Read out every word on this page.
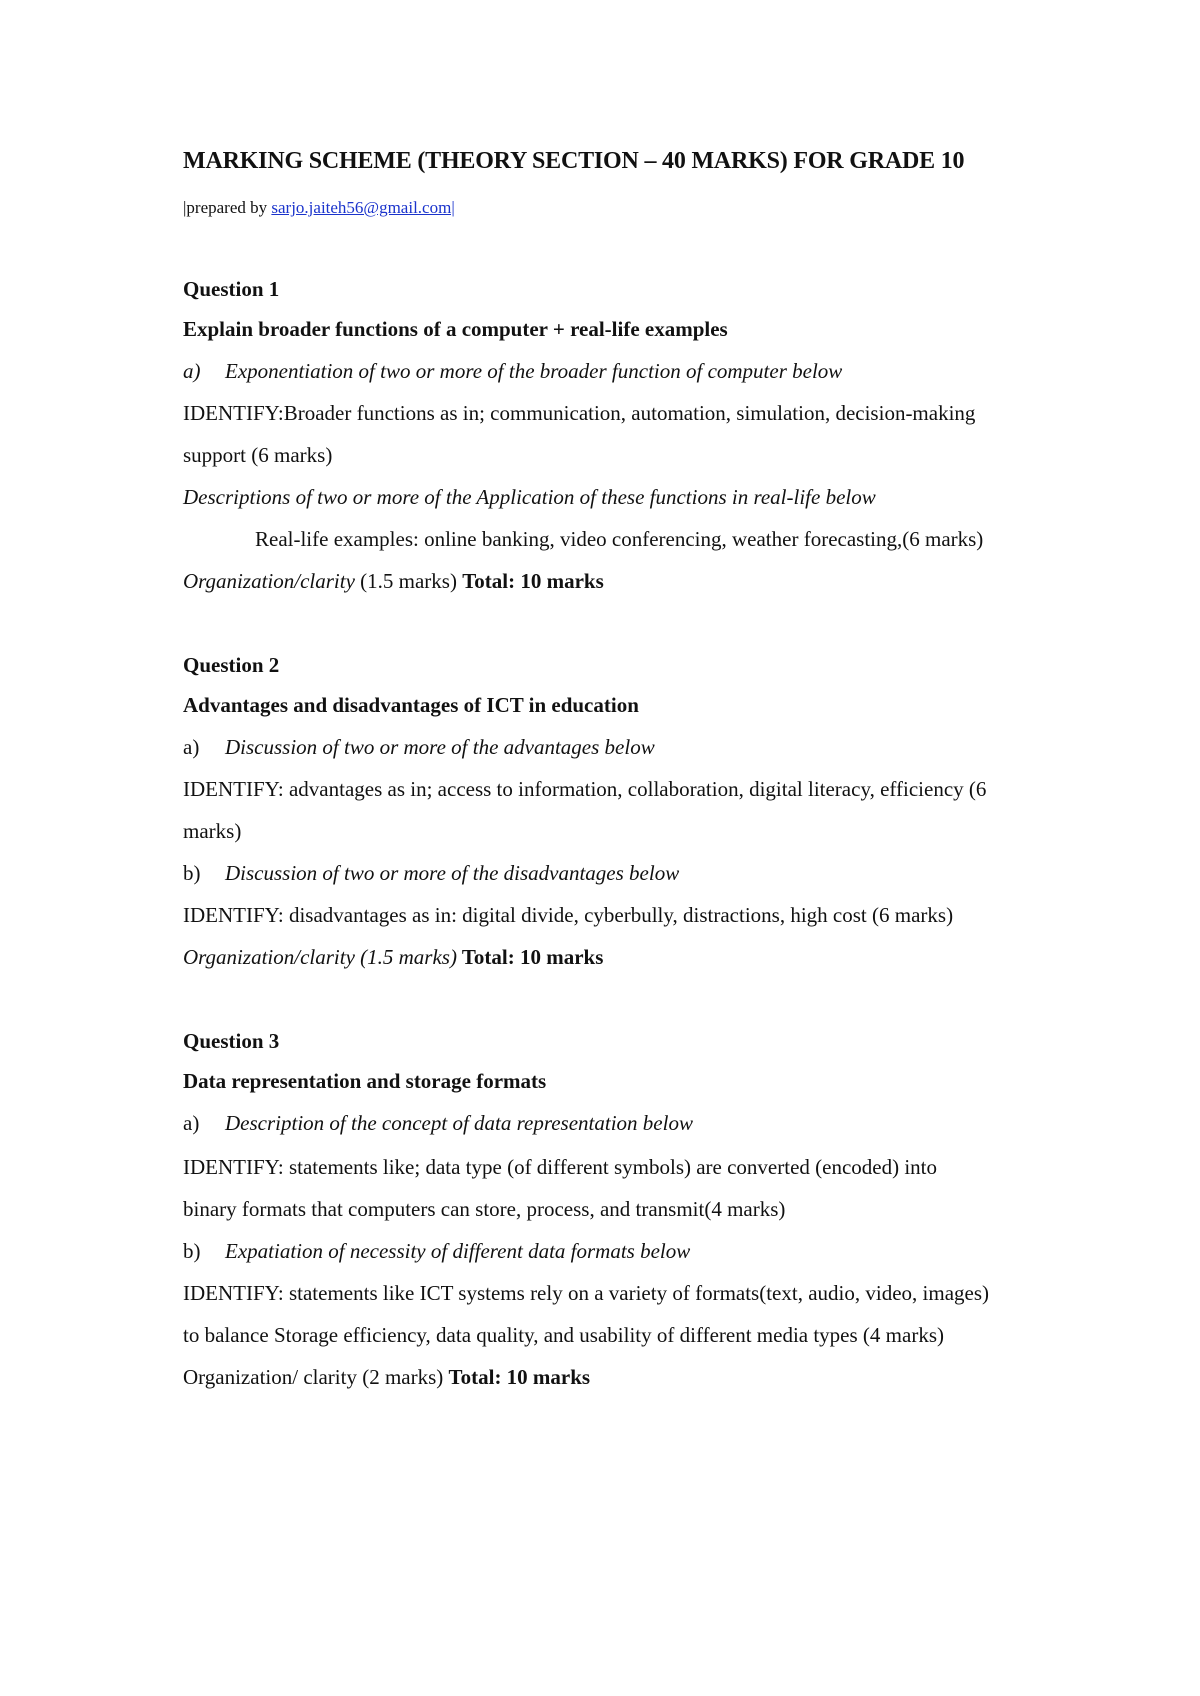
MARKING SCHEME (THEORY SECTION – 40 MARKS) FOR GRADE 10
|prepared by sarjo.jaiteh56@gmail.com|
Question 1
Explain broader functions of a computer + real-life examples
a) Exponentiation of two or more of the broader function of computer below
IDENTIFY:Broader functions as in; communication, automation, simulation, decision-making
support (6 marks)
Descriptions of two or more of the Application of these functions in real-life below
Real-life examples: online banking, video conferencing, weather forecasting,(6 marks)
Organization/clarity (1.5 marks) Total: 10 marks
Question 2
Advantages and disadvantages of ICT in education
a) Discussion of two or more of the advantages below
IDENTIFY: advantages as in; access to information, collaboration, digital literacy, efficiency (6
marks)
b) Discussion of two or more of the disadvantages below
IDENTIFY: disadvantages as in: digital divide, cyberbully, distractions, high cost (6 marks)
Organization/clarity (1.5 marks) Total: 10 marks
Question 3
Data representation and storage formats
a) Description of the concept of data representation below
IDENTIFY: statements like; data type (of different symbols) are converted (encoded) into
binary formats that computers can store, process, and transmit(4 marks)
b) Expatiation of necessity of different data formats below
IDENTIFY: statements like ICT systems rely on a variety of formats(text, audio, video, images)
to balance Storage efficiency, data quality, and usability of different media types (4 marks)
Organization/ clarity (2 marks) Total: 10 marks
